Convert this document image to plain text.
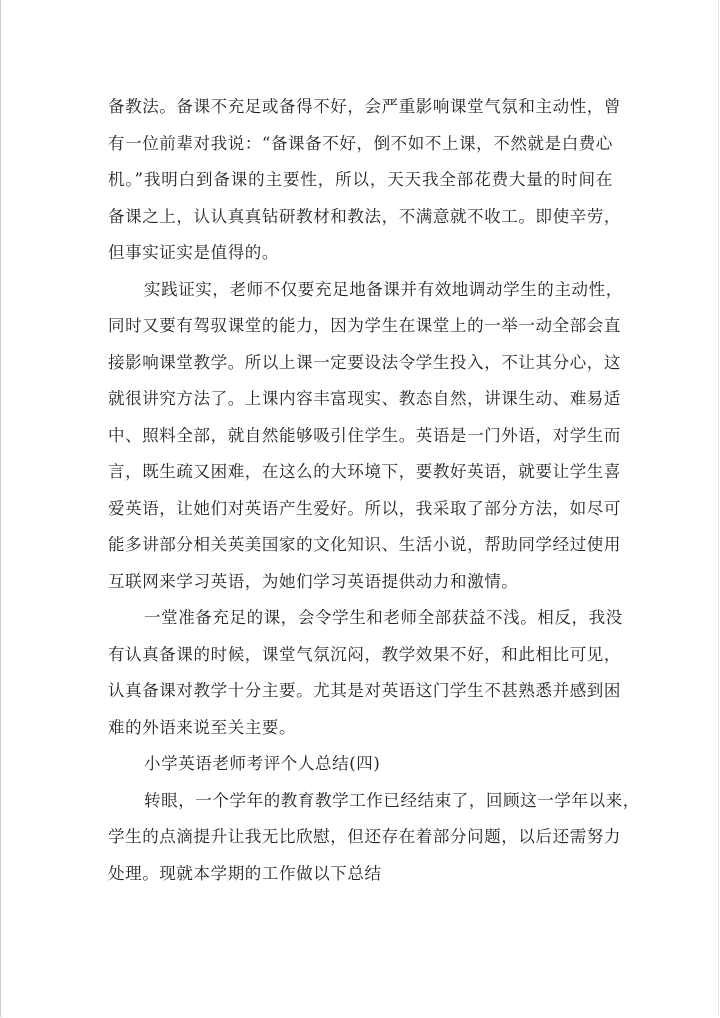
备教法。备课不充足或备得不好，会严重影响课堂气氛和主动性，曾
有一位前辈对我说：“备课备不好，倒不如不上课，不然就是白费心
机。”我明白到备课的主要性，所以，天天我全部花费大量的时间在
备课之上，认认真真钻研教材和教法，不满意就不收工。即使辛劳，
但事实证实是值得的。
实践证实，老师不仅要充足地备课并有效地调动学生的主动性，
同时又要有驾驭课堂的能力，因为学生在课堂上的一举一动全部会直
接影响课堂教学。所以上课一定要设法令学生投入，不让其分心，这
就很讲究方法了。上课内容丰富现实、教态自然，讲课生动、难易适
中、照料全部，就自然能够吸引住学生。英语是一门外语，对学生而
言，既生疏又困难，在这么的大环境下，要教好英语，就要让学生喜
爱英语，让她们对英语产生爱好。所以，我采取了部分方法，如尽可
能多讲部分相关英美国家的文化知识、生活小说，帮助同学经过使用
互联网来学习英语，为她们学习英语提供动力和激情。
一堂准备充足的课，会令学生和老师全部获益不浅。相反，我没
有认真备课的时候，课堂气氛沉闷，教学效果不好，和此相比可见，
认真备课对教学十分主要。尤其是对英语这门学生不甚熟悉并感到困
难的外语来说至关主要。
小学英语老师考评个人总结(四)
转眼，一个学年的教育教学工作已经结束了，回顾这一学年以来，
学生的点滴提升让我无比欣慰，但还存在着部分问题，以后还需努力
处理。现就本学期的工作做以下总结
